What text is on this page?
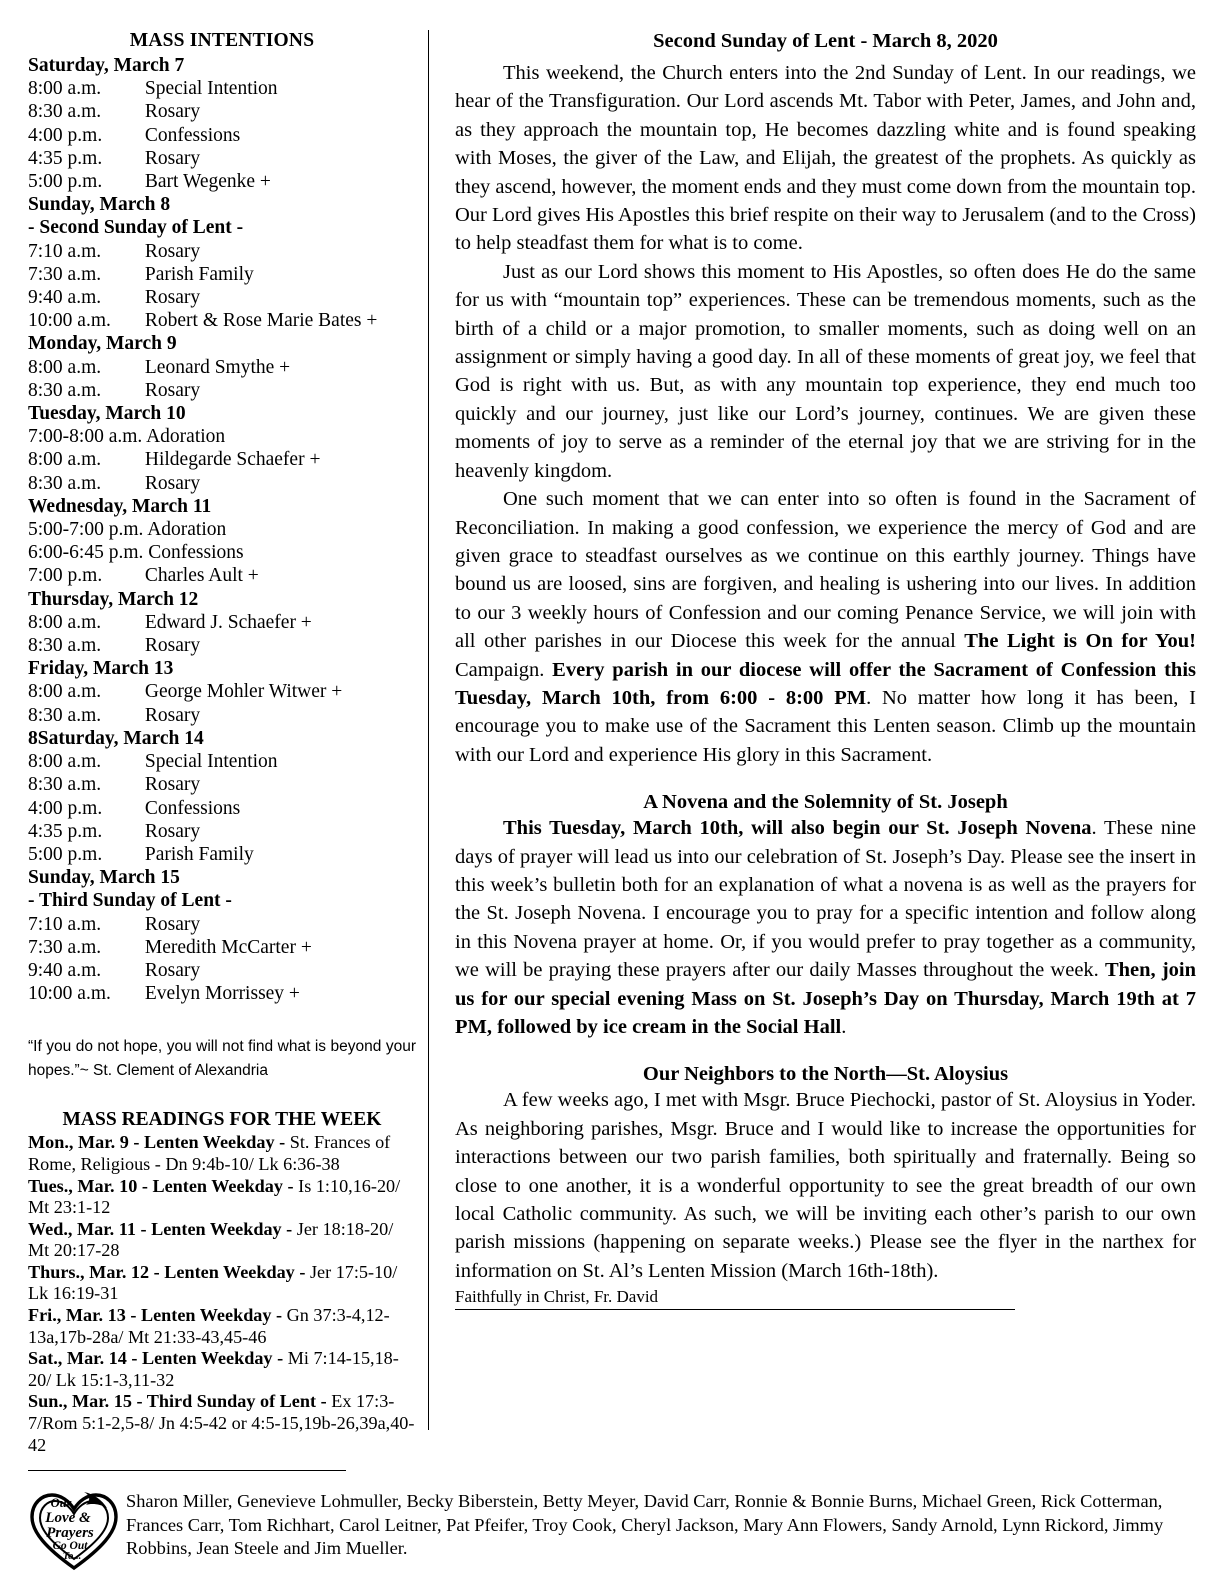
MASS INTENTIONS
Saturday, March 7
8:00 a.m. Special Intention
8:30 a.m. Rosary
4:00 p.m. Confessions
4:35 p.m. Rosary
5:00 p.m. Bart Wegenke +
Sunday, March 8
- Second Sunday of Lent -
7:10 a.m. Rosary
7:30 a.m. Parish Family
9:40 a.m. Rosary
10:00 a.m. Robert & Rose Marie Bates +
Monday, March 9
8:00 a.m. Leonard Smythe +
8:30 a.m. Rosary
Tuesday, March 10
7:00-8:00 a.m. Adoration
8:00 a.m. Hildegarde Schaefer +
8:30 a.m. Rosary
Wednesday, March 11
5:00-7:00 p.m. Adoration
6:00-6:45 p.m. Confessions
7:00 p.m. Charles Ault +
Thursday, March 12
8:00 a.m. Edward J. Schaefer +
8:30 a.m. Rosary
Friday, March 13
8:00 a.m. George Mohler Witwer +
8:30 a.m. Rosary
8Saturday, March 14
8:00 a.m. Special Intention
8:30 a.m. Rosary
4:00 p.m. Confessions
4:35 p.m. Rosary
5:00 p.m. Parish Family
Sunday, March 15
- Third Sunday of Lent -
7:10 a.m. Rosary
7:30 a.m. Meredith McCarter +
9:40 a.m. Rosary
10:00 a.m. Evelyn Morrissey +
“If you do not hope, you will not find what is beyond your hopes.”~ St. Clement of Alexandria
MASS READINGS FOR THE WEEK

Mon., Mar. 9 - Lenten Weekday - St. Frances of Rome, Religious - Dn 9:4b-10/ Lk 6:36-38

Tues., Mar. 10 - Lenten Weekday - Is 1:10,16-20/ Mt 23:1-12

Wed., Mar. 11 - Lenten Weekday - Jer 18:18-20/ Mt 20:17-28

Thurs., Mar. 12 - Lenten Weekday - Jer 17:5-10/ Lk 16:19-31

Fri., Mar. 13 - Lenten Weekday - Gn 37:3-4,12-13a,17b-28a/ Mt 21:33-43,45-46

Sat., Mar. 14 - Lenten Weekday - Mi 7:14-15,18-20/ Lk 15:1-3,11-32

Sun., Mar. 15 - Third Sunday of Lent - Ex 17:3-7/Rom 5:1-2,5-8/ Jn 4:5-42 or 4:5-15,19b-26,39a,40-42

Second Sunday of Lent - March 8, 2020

This weekend, the Church enters into the 2nd Sunday of Lent. In our readings, we hear of the Transfiguration. Our Lord ascends Mt. Tabor with Peter, James, and John and, as they approach the mountain top, He becomes dazzling white and is found speaking with Moses, the giver of the Law, and Elijah, the greatest of the prophets. As quickly as they ascend, however, the moment ends and they must come down from the mountain top. Our Lord gives His Apostles this brief respite on their way to Jerusalem (and to the Cross) to help steadfast them for what is to come.

Just as our Lord shows this moment to His Apostles, so often does He do the same for us with “mountain top” experiences. These can be tremendous moments, such as the birth of a child or a major promotion, to smaller moments, such as doing well on an assignment or simply having a good day. In all of these moments of great joy, we feel that God is right with us. But, as with any mountain top experience, they end much too quickly and our journey, just like our Lord’s journey, continues. We are given these moments of joy to serve as a reminder of the eternal joy that we are striving for in the heavenly kingdom.

One such moment that we can enter into so often is found in the Sacrament of Reconciliation. In making a good confession, we experience the mercy of God and are given grace to steadfast ourselves as we continue on this earthly journey. Things have bound us are loosed, sins are forgiven, and healing is ushering into our lives. In addition to our 3 weekly hours of Confession and our coming Penance Service, we will join with all other parishes in our Diocese this week for the annual The Light is On for You! Campaign. Every parish in our diocese will offer the Sacrament of Confession this Tuesday, March 10th, from 6:00 - 8:00 PM. No matter how long it has been, I encourage you to make use of the Sacrament this Lenten season. Climb up the mountain with our Lord and experience His glory in this Sacrament.

A Novena and the Solemnity of St. Joseph

This Tuesday, March 10th, will also begin our St. Joseph Novena. These nine days of prayer will lead us into our celebration of St. Joseph’s Day. Please see the insert in this week’s bulletin both for an explanation of what a novena is as well as the prayers for the St. Joseph Novena. I encourage you to pray for a specific intention and follow along in this Novena prayer at home. Or, if you would prefer to pray together as a community, we will be praying these prayers after our daily Masses throughout the week. Then, join us for our special evening Mass on St. Joseph’s Day on Thursday, March 19th at 7 PM, followed by ice cream in the Social Hall.

Our Neighbors to the North—St. Aloysius

A few weeks ago, I met with Msgr. Bruce Piechocki, pastor of St. Aloysius in Yoder. As neighboring parishes, Msgr. Bruce and I would like to increase the opportunities for interactions between our two parish families, both spiritually and fraternally. Being so close to one another, it is a wonderful opportunity to see the great breadth of our own local Catholic community. As such, we will be inviting each other’s parish to our own parish missions (happening on separate weeks.) Please see the flyer in the narthex for information on St. Al’s Lenten Mission (March 16th-18th).

Faithfully in Christ, Fr. David
Our
Love &
Prayers
Go Out
To...
Sharon Miller, Genevieve Lohmuller, Becky Biberstein, Betty Meyer, David Carr, Ronnie & Bonnie Burns, Michael Green, Rick Cotterman, Frances Carr, Tom Richhart, Carol Leitner, Pat Pfeifer, Troy Cook, Cheryl Jackson, Mary Ann Flowers, Sandy Arnold, Lynn Rickord, Jimmy Robbins, Jean Steele and Jim Mueller.
